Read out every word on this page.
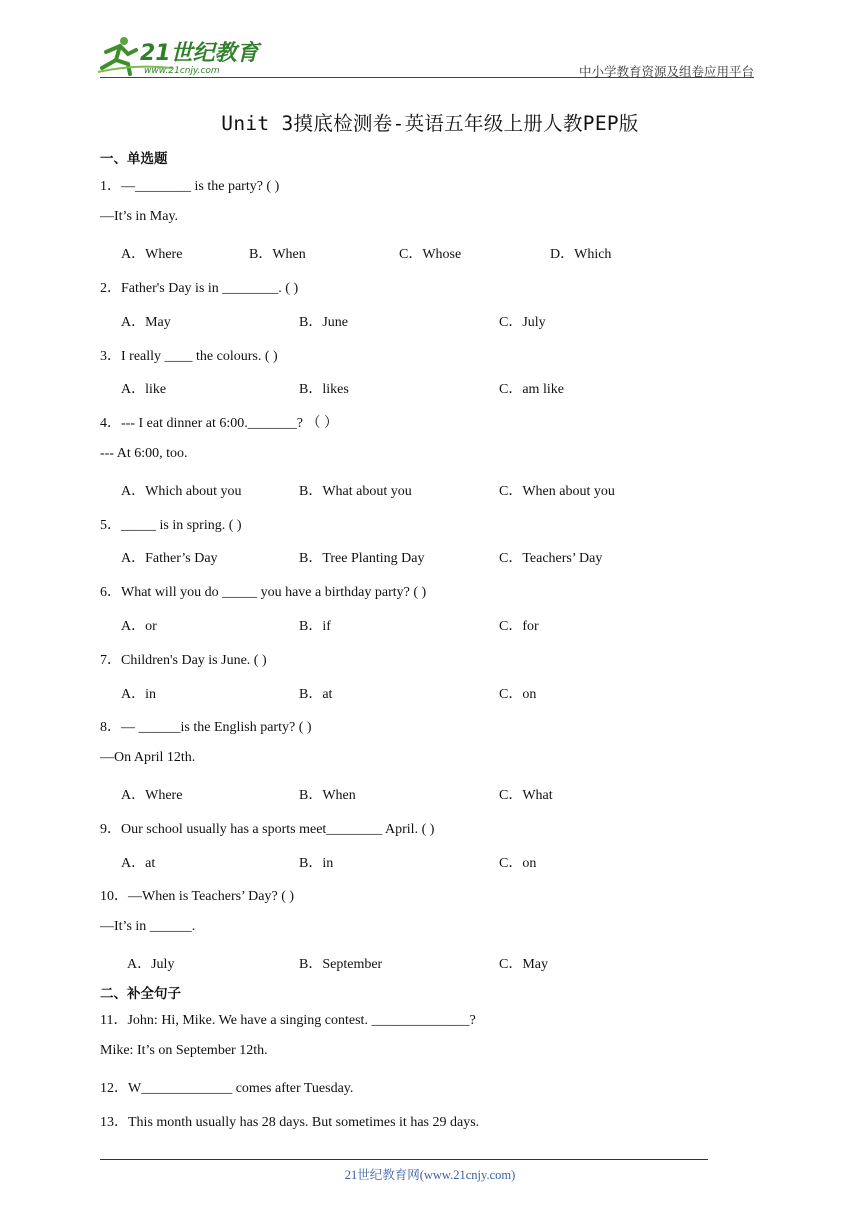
21世纪教育
www.21cnjy.com	中小学教育资源及组卷应用平台
Unit 3摸底检测卷-英语五年级上册人教PEP版
一、单选题
1．—________ is the party? ( )
—It’s in May.
A．Where	B．When	C．Whose	D．Which
2．Father's Day is in ________. ( )
A．May	B．June	C．July
3．I really ____ the colours. ( )
A．like	B．likes	C．am like
4．--- I eat dinner at 6:00._______? （ ）
--- At 6:00, too.
A．Which about you	B．What about you	C．When about you
5．_____ is in spring. ( )
A．Father’s Day	B．Tree Planting Day	C．Teachers’ Day
6．What will you do _____ you have a birthday party? ( )
A．or	B．if	C．for
7．Children's Day is June. ( )
A．in	B．at	C．on
8．— ______is the English party? ( )
—On April 12th.
A．Where	B．When	C．What
9．Our school usually has a sports meet________ April. ( )
A．at	B．in	C．on
10．—When is Teachers’ Day? ( )
—It’s in ______.
A．July	B．September	C．May
二、补全句子
11．John: Hi, Mike. We have a singing contest. ______________?
Mike: It’s on September 12th.
12．W_____________ comes after Tuesday.
13．This month usually has 28 days. But sometimes it has 29 days.
21世纪教育网(www.21cnjy.com)
